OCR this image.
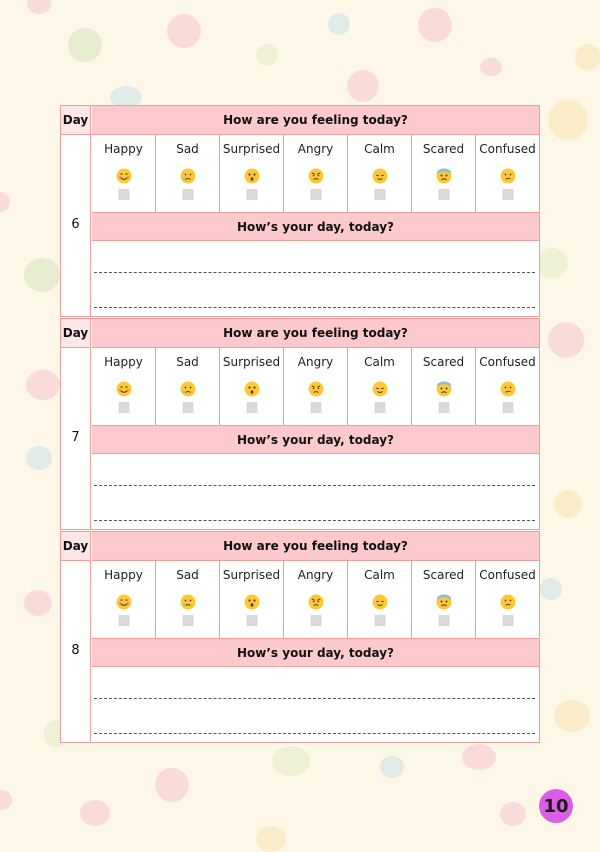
Day	How are you feeling today?
6
Happy	Sad	Surprised	Angry	Calm	Scared	Confused
How’s your day, today?
Day	How are you feeling today?
7
Happy	Sad	Surprised	Angry	Calm	Scared	Confused
How’s your day, today?
Day	How are you feeling today?
8
Happy	Sad	Surprised	Angry	Calm	Scared	Confused
How’s your day, today?
10
